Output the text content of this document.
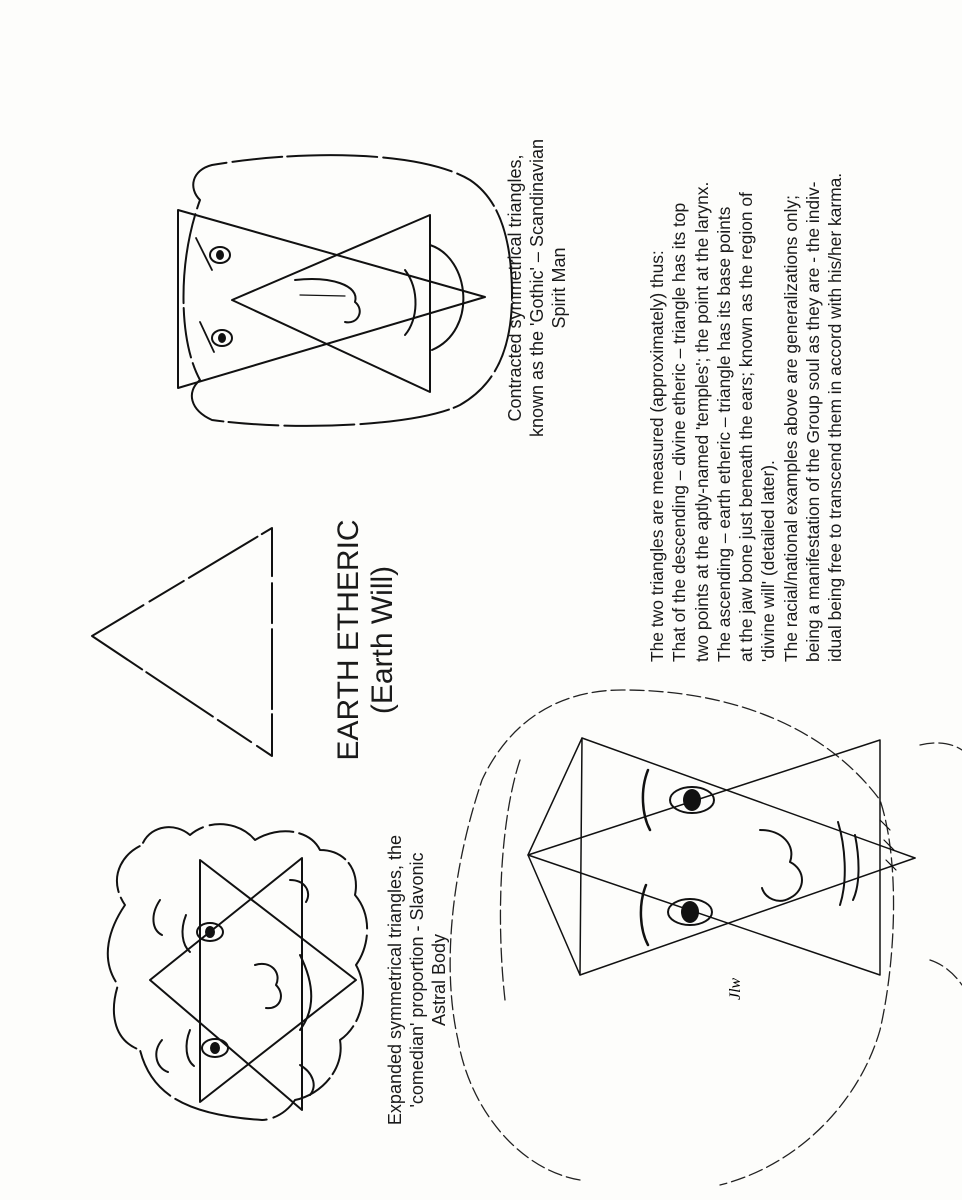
Jlw
Expanded symmetrical triangles, the 'comedian' proportion - Slavonic Astral Body
EARTH ETHERIC (Earth Will)
Contracted symmetrical triangles, known as the 'Gothic' – Scandinavian Spirit Man	The two triangles are measured (approximately) thus: That of the descending – divine etheric – triangle has its top two points at the aptly-named 'temples'; the point at the larynx. The ascending – earth etheric – triangle has its base points at the jaw bone just beneath the ears; known as the region of 'divine will' (detailed later). The racial/national examples above are generalizations only; being a manifestation of the Group soul as they are - the indiv- idual being free to transcend them in accord with his/her karma.
